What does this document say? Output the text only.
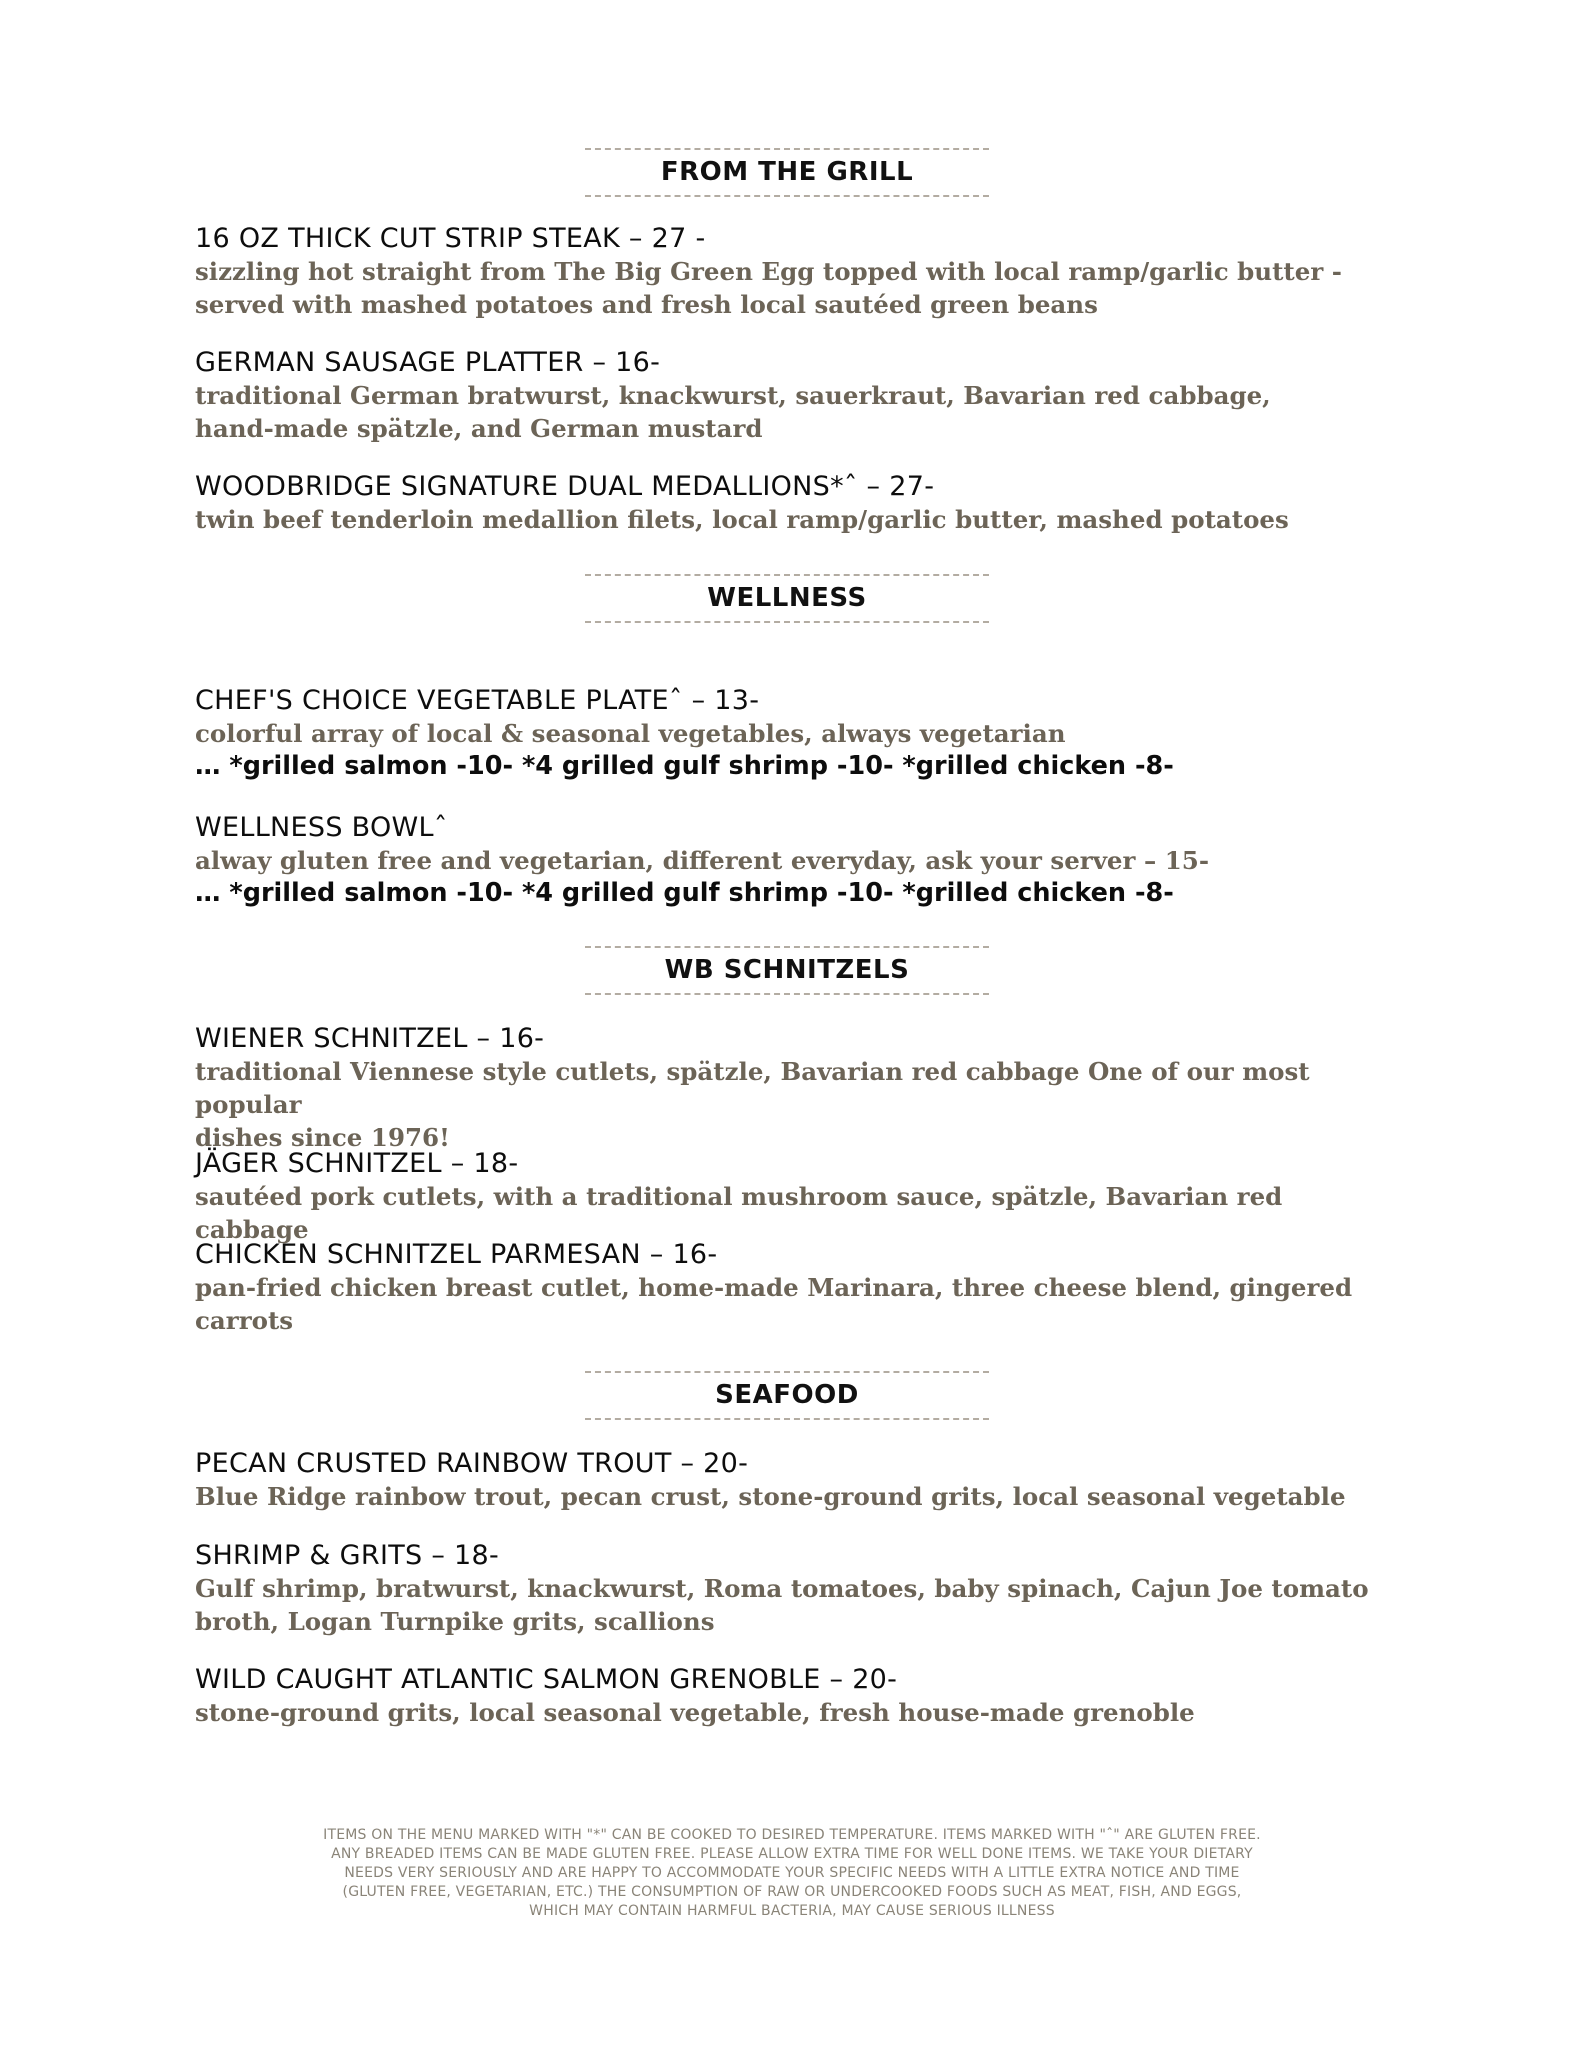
FROM THE GRILL
16 OZ THICK CUT STRIP STEAK – 27 -
sizzling hot straight from The Big Green Egg topped with local ramp/garlic butter -
served with mashed potatoes and fresh local sautéed green beans
GERMAN SAUSAGE PLATTER – 16-
traditional German bratwurst, knackwurst, sauerkraut, Bavarian red cabbage,
hand-made spätzle, and German mustard
WOODBRIDGE SIGNATURE DUAL MEDALLIONS*ˆ – 27-
twin beef tenderloin medallion filets, local ramp/garlic butter, mashed potatoes
WELLNESS
CHEF'S CHOICE VEGETABLE PLATEˆ – 13-
colorful array of local & seasonal vegetables, always vegetarian
… *grilled salmon -10- *4 grilled gulf shrimp -10- *grilled chicken -8-
WELLNESS BOWLˆ
alway gluten free and vegetarian, different everyday, ask your server – 15-
… *grilled salmon -10- *4 grilled gulf shrimp -10- *grilled chicken -8-
WB SCHNITZELS
WIENER SCHNITZEL – 16-
traditional Viennese style cutlets, spätzle, Bavarian red cabbage One of our most popular
dishes since 1976!
JÄGER SCHNITZEL – 18-
sautéed pork cutlets, with a traditional mushroom sauce, spätzle, Bavarian red cabbage
CHICKEN SCHNITZEL PARMESAN – 16-
pan-fried chicken breast cutlet, home-made Marinara, three cheese blend, gingered
carrots
SEAFOOD
PECAN CRUSTED RAINBOW TROUT – 20-
Blue Ridge rainbow trout, pecan crust, stone-ground grits, local seasonal vegetable
SHRIMP & GRITS – 18-
Gulf shrimp, bratwurst, knackwurst, Roma tomatoes, baby spinach, Cajun Joe tomato
broth, Logan Turnpike grits, scallions
WILD CAUGHT ATLANTIC SALMON GRENOBLE – 20-
stone-ground grits, local seasonal vegetable, fresh house-made grenoble
ITEMS ON THE MENU MARKED WITH "*" CAN BE COOKED TO DESIRED TEMPERATURE. ITEMS MARKED WITH "ˆ" ARE GLUTEN FREE.
ANY BREADED ITEMS CAN BE MADE GLUTEN FREE. PLEASE ALLOW EXTRA TIME FOR WELL DONE ITEMS. WE TAKE YOUR DIETARY
NEEDS VERY SERIOUSLY AND ARE HAPPY TO ACCOMMODATE YOUR SPECIFIC NEEDS WITH A LITTLE EXTRA NOTICE AND TIME
(GLUTEN FREE, VEGETARIAN, ETC.) THE CONSUMPTION OF RAW OR UNDERCOOKED FOODS SUCH AS MEAT, FISH, AND EGGS,
WHICH MAY CONTAIN HARMFUL BACTERIA, MAY CAUSE SERIOUS ILLNESS
